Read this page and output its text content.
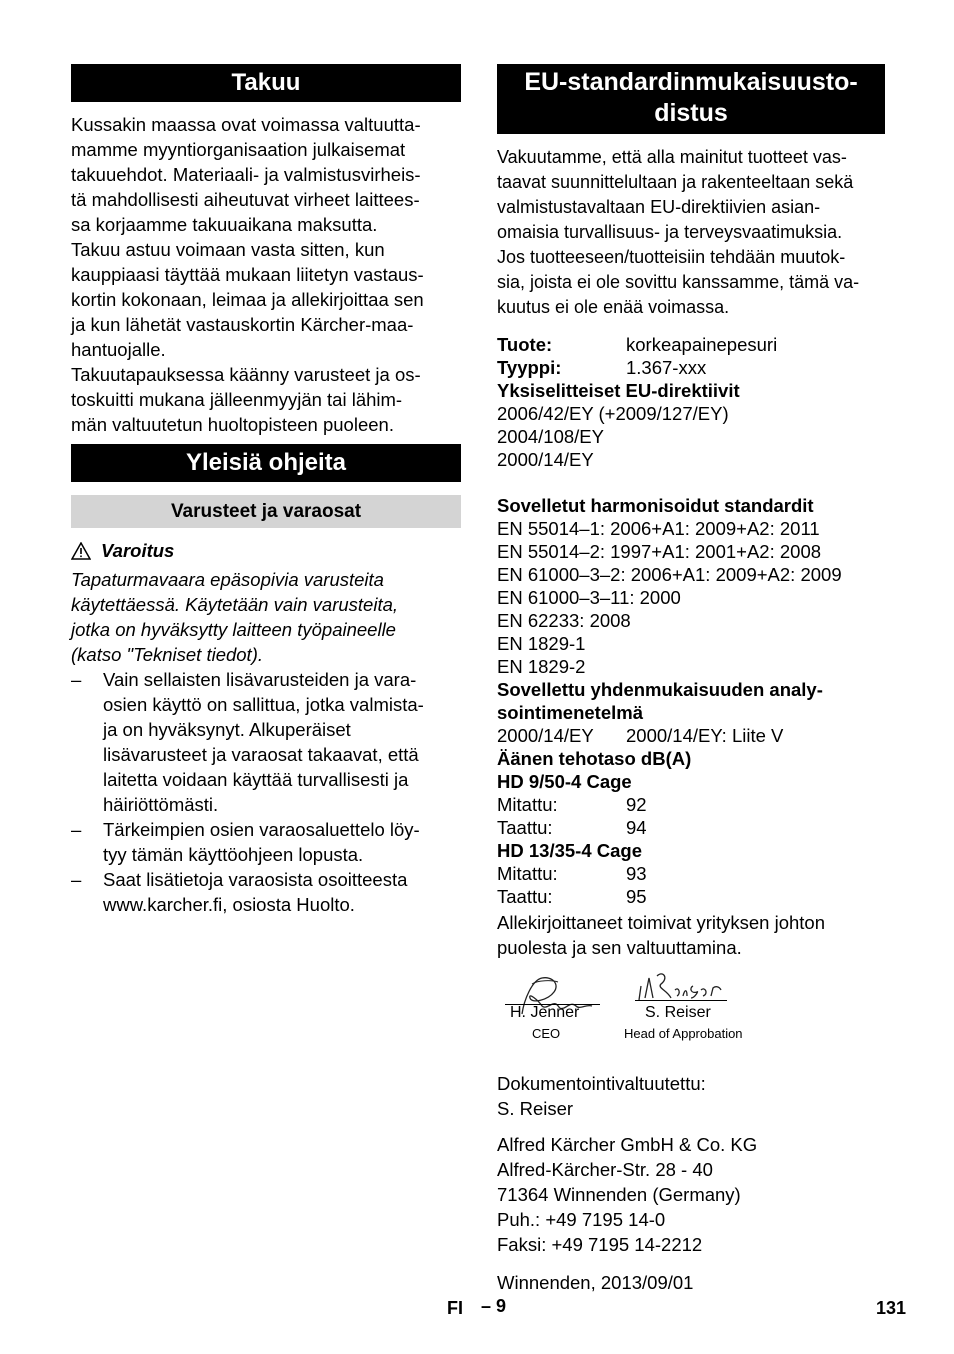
Takuu

Kussakin maassa ovat voimassa valtuutta-
mamme myyntiorganisaation julkaisemat
takuuehdot. Materiaali- ja valmistusvirheis-
tä mahdollisesti aiheutuvat virheet laittees-
sa korjaamme takuuaikana maksutta.

Takuu astuu voimaan vasta sitten, kun
kauppiaasi täyttää mukaan liitetyn vastaus-
kortin kokonaan, leimaa ja allekirjoittaa sen
ja kun lähetät vastauskortin Kärcher-maa-
hantuojalle.

Takuutapauksessa käänny varusteet ja os-
toskuitti mukana jälleenmyyjän tai lähim-
män valtuutetun huoltopisteen puoleen.

Yleisiä ohjeita
Varusteet ja varaosat
Varoitus

Tapaturmavaara epäsopivia varusteita
käytettäessä. Käytetään vain varusteita,
jotka on hyväksytty laitteen työpaineelle
(katso "Tekniset tiedot).

– Vain sellaisten lisävarusteiden ja vara-
osien käyttö on sallittua, jotka valmista-
ja on hyväksynyt. Alkuperäiset
lisävarusteet ja varaosat takaavat, että
laitetta voidaan käyttää turvallisesti ja
häiriöttömästi.
– Tärkeimpien osien varaosaluettelo löy-
tyy tämän käyttöohjeen lopusta.
– Saat lisätietoja varaosista osoitteesta
www.karcher.fi, osiosta Huolto.
EU-standardinmukaisuusto-
distus

Vakuutamme, että alla mainitut tuotteet vas-
taavat suunnittelultaan ja rakenteeltaan sekä
valmistustavaltaan EU-direktiivien asian-
omaisia turvallisuus- ja terveysvaatimuksia.
Jos tuotteeseen/tuotteisiin tehdään muutok-
sia, joista ei ole sovittu kanssamme, tämä va-
kuutus ei ole enää voimassa.

Tuote:	korkeapainepesuri
Tyyppi:	1.367-xxx
Yksiselitteiset EU-direktiivit
2006/42/EY (+2009/127/EY)
2004/108/EY
2000/14/EY
Sovelletut harmonisoidut standardit
EN 55014–1: 2006+A1: 2009+A2: 2011
EN 55014–2: 1997+A1: 2001+A2: 2008
EN 61000–3–2: 2006+A1: 2009+A2: 2009
EN 61000–3–11: 2000
EN 62233: 2008
EN 1829-1
EN 1829-2
Sovellettu yhdenmukaisuuden analy-
sointimenetelmä
2000/14/EY	2000/14/EY: Liite V
Äänen tehotaso dB(A)
HD 9/50-4 Cage
Mitattu:	92
Taattu:	94
HD 13/35-4 Cage
Mitattu:	93
Taattu:	95

Allekirjoittaneet toimivat yrityksen johton
puolesta ja sen valtuuttamina.

H. Jenner
CEO
S. Reiser
Head of Approbation

Dokumentointivaltuutettu:
S. Reiser

Alfred Kärcher GmbH & Co. KG
Alfred-Kärcher-Str. 28 - 40
71364 Winnenden (Germany)
Puh.: +49 7195 14-0
Faksi: +49 7195 14-2212

Winnenden, 2013/09/01

FI – 9	131
